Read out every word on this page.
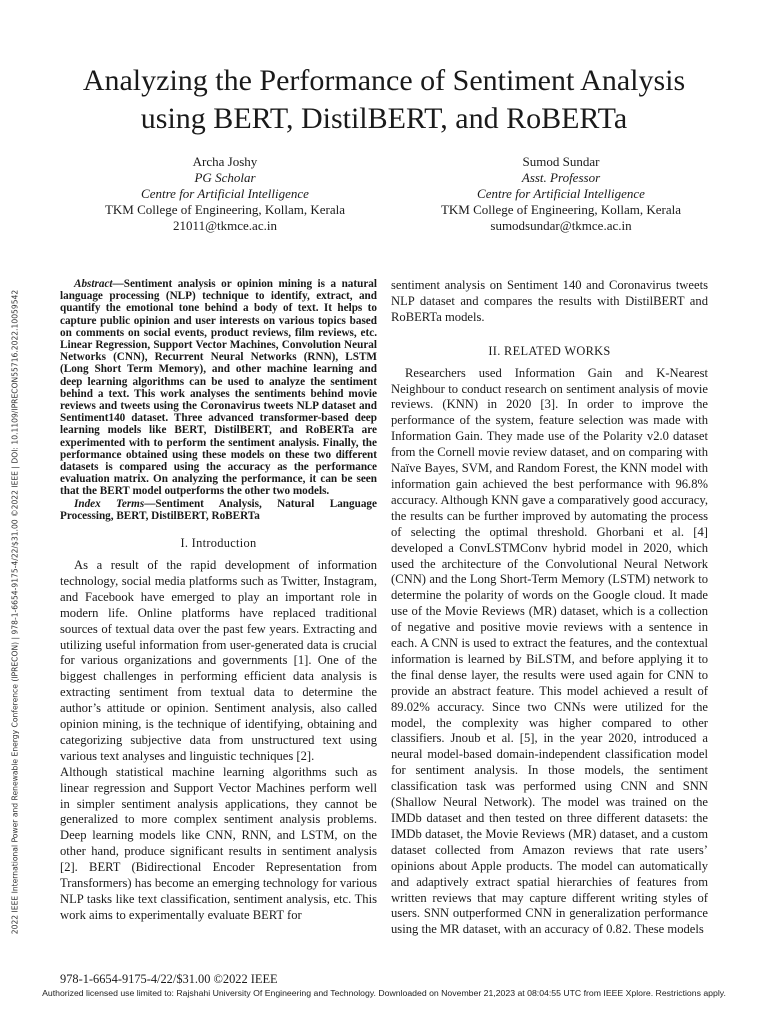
2022 IEEE International Power and Renewable Energy Conference (IPRECON) | 978-1-6654-9175-4/22/$31.00 ©2022 IEEE | DOI: 10.1109/IPRECON55716.2022.10059542
Analyzing the Performance of Sentiment Analysis using BERT, DistilBERT, and RoBERTa
Archa Joshy
PG Scholar
Centre for Artificial Intelligence
TKM College of Engineering, Kollam, Kerala
21011@tkmce.ac.in
Sumod Sundar
Asst. Professor
Centre for Artificial Intelligence
TKM College of Engineering, Kollam, Kerala
sumodsundar@tkmce.ac.in

Abstract—Sentiment analysis or opinion mining is a natural language processing (NLP) technique to identify, extract, and quantify the emotional tone behind a body of text. It helps to capture public opinion and user interests on various topics based on comments on social events, product reviews, film reviews, etc. Linear Regression, Support Vector Machines, Convolution Neural Networks (CNN), Recurrent Neural Networks (RNN), LSTM (Long Short Term Memory), and other machine learning and deep learning algorithms can be used to analyze the sentiment behind a text. This work analyses the sentiments behind movie reviews and tweets using the Coronavirus tweets NLP dataset and Sentiment140 dataset. Three advanced transformer-based deep learning models like BERT, DistilBERT, and RoBERTa are experimented with to perform the sentiment analysis. Finally, the performance obtained using these models on these two different datasets is compared using the accuracy as the performance evaluation matrix. On analyzing the performance, it can be seen that the BERT model outperforms the other two models.

Index Terms—Sentiment Analysis, Natural Language Processing, BERT, DistilBERT, RoBERTa

I. Introduction

As a result of the rapid development of information technology, social media platforms such as Twitter, Instagram, and Facebook have emerged to play an important role in modern life. Online platforms have replaced traditional sources of textual data over the past few years. Extracting and utilizing useful information from user-generated data is crucial for various organizations and governments [1]. One of the biggest challenges in performing efficient data analysis is extracting sentiment from textual data to determine the author’s attitude or opinion. Sentiment analysis, also called opinion mining, is the technique of identifying, obtaining and categorizing subjective data from unstructured text using various text analyses and linguistic techniques [2].

Although statistical machine learning algorithms such as linear regression and Support Vector Machines perform well in simpler sentiment analysis applications, they cannot be generalized to more complex sentiment analysis problems. Deep learning models like CNN, RNN, and LSTM, on the other hand, produce significant results in sentiment analysis [2]. BERT (Bidirectional Encoder Representation from Transformers) has become an emerging technology for various NLP tasks like text classification, sentiment analysis, etc. This work aims to experimentally evaluate BERT for

sentiment analysis on Sentiment 140 and Coronavirus tweets NLP dataset and compares the results with DistilBERT and RoBERTa models.

II. RELATED WORKS

Researchers used Information Gain and K-Nearest Neighbour to conduct research on sentiment analysis of movie reviews. (KNN) in 2020 [3]. In order to improve the performance of the system, feature selection was made with Information Gain. They made use of the Polarity v2.0 dataset from the Cornell movie review dataset, and on comparing with Naïve Bayes, SVM, and Random Forest, the KNN model with information gain achieved the best performance with 96.8% accuracy. Although KNN gave a comparatively good accuracy, the results can be further improved by automating the process of selecting the optimal threshold. Ghorbani et al. [4] developed a ConvLSTMConv hybrid model in 2020, which used the architecture of the Convolutional Neural Network (CNN) and the Long Short-Term Memory (LSTM) network to determine the polarity of words on the Google cloud. It made use of the Movie Reviews (MR) dataset, which is a collection of negative and positive movie reviews with a sentence in each. A CNN is used to extract the features, and the contextual information is learned by BiLSTM, and before applying it to the final dense layer, the results were used again for CNN to provide an abstract feature. This model achieved a result of 89.02% accuracy. Since two CNNs were utilized for the model, the complexity was higher compared to other classifiers. Jnoub et al. [5], in the year 2020, introduced a neural model-based domain-independent classification model for sentiment analysis. In those models, the sentiment classification task was performed using CNN and SNN (Shallow Neural Network). The model was trained on the IMDb dataset and then tested on three different datasets: the IMDb dataset, the Movie Reviews (MR) dataset, and a custom dataset collected from Amazon reviews that rate users’ opinions about Apple products. The model can automatically and adaptively extract spatial hierarchies of features from written reviews that may capture different writing styles of users. SNN outperformed CNN in generalization performance using the MR dataset, with an accuracy of 0.82. These models

978-1-6654-9175-4/22/$31.00 ©2022 IEEE
Authorized licensed use limited to: Rajshahi University Of Engineering and Technology. Downloaded on November 21,2023 at 08:04:55 UTC from IEEE Xplore. Restrictions apply.
